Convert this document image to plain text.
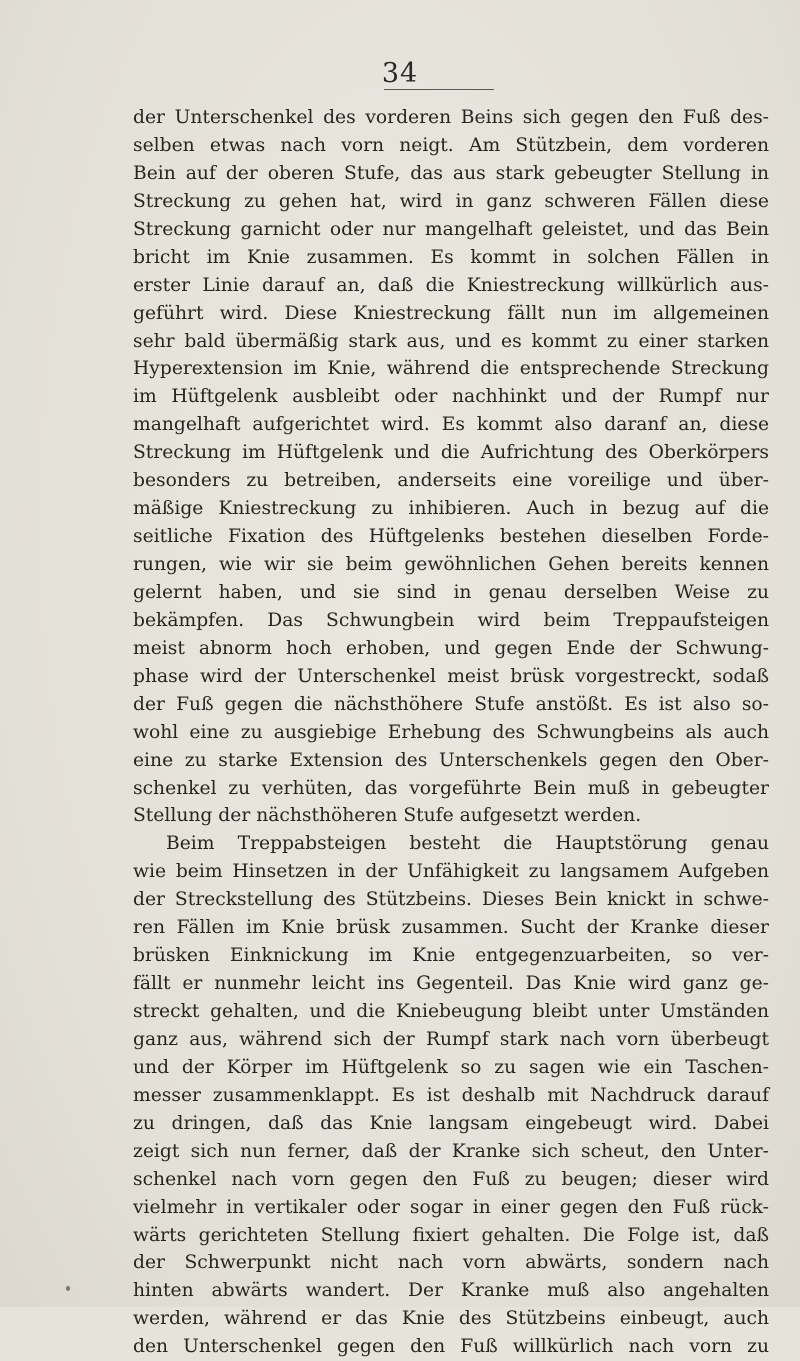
34
der Unterschenkel des vorderen Beins sich gegen den Fuß des-
selben etwas nach vorn neigt. Am Stützbein, dem vorderen
Bein auf der oberen Stufe, das aus stark gebeugter Stellung in
Streckung zu gehen hat, wird in ganz schweren Fällen diese
Streckung garnicht oder nur mangelhaft geleistet, und das Bein
bricht im Knie zusammen. Es kommt in solchen Fällen in
erster Linie darauf an, daß die Kniestreckung willkürlich aus-
geführt wird. Diese Kniestreckung fällt nun im allgemeinen
sehr bald übermäßig stark aus, und es kommt zu einer starken
Hyperextension im Knie, während die entsprechende Streckung
im Hüftgelenk ausbleibt oder nachhinkt und der Rumpf nur
mangelhaft aufgerichtet wird. Es kommt also daranf an, diese
Streckung im Hüftgelenk und die Aufrichtung des Oberkörpers
besonders zu betreiben, anderseits eine voreilige und über-
mäßige Kniestreckung zu inhibieren. Auch in bezug auf die
seitliche Fixation des Hüftgelenks bestehen dieselben Forde-
rungen, wie wir sie beim gewöhnlichen Gehen bereits kennen
gelernt haben, und sie sind in genau derselben Weise zu
bekämpfen. Das Schwungbein wird beim Treppaufsteigen
meist abnorm hoch erhoben, und gegen Ende der Schwung-
phase wird der Unterschenkel meist brüsk vorgestreckt, sodaß
der Fuß gegen die nächsthöhere Stufe anstößt. Es ist also so-
wohl eine zu ausgiebige Erhebung des Schwungbeins als auch
eine zu starke Extension des Unterschenkels gegen den Ober-
schenkel zu verhüten, das vorgeführte Bein muß in gebeugter
Stellung der nächsthöheren Stufe aufgesetzt werden.
Beim Treppabsteigen besteht die Hauptstörung genau
wie beim Hinsetzen in der Unfähigkeit zu langsamem Aufgeben
der Streckstellung des Stützbeins. Dieses Bein knickt in schwe-
ren Fällen im Knie brüsk zusammen. Sucht der Kranke dieser
brüsken Einknickung im Knie entgegenzuarbeiten, so ver-
fällt er nunmehr leicht ins Gegenteil. Das Knie wird ganz ge-
streckt gehalten, und die Kniebeugung bleibt unter Umständen
ganz aus, während sich der Rumpf stark nach vorn überbeugt
und der Körper im Hüftgelenk so zu sagen wie ein Taschen-
messer zusammenklappt. Es ist deshalb mit Nachdruck darauf
zu dringen, daß das Knie langsam eingebeugt wird. Dabei
zeigt sich nun ferner, daß der Kranke sich scheut, den Unter-
schenkel nach vorn gegen den Fuß zu beugen; dieser wird
vielmehr in vertikaler oder sogar in einer gegen den Fuß rück-
wärts gerichteten Stellung fixiert gehalten. Die Folge ist, daß
der Schwerpunkt nicht nach vorn abwärts, sondern nach
hinten abwärts wandert. Der Kranke muß also angehalten
werden, während er das Knie des Stützbeins einbeugt, auch
den Unterschenkel gegen den Fuß willkürlich nach vorn zu
